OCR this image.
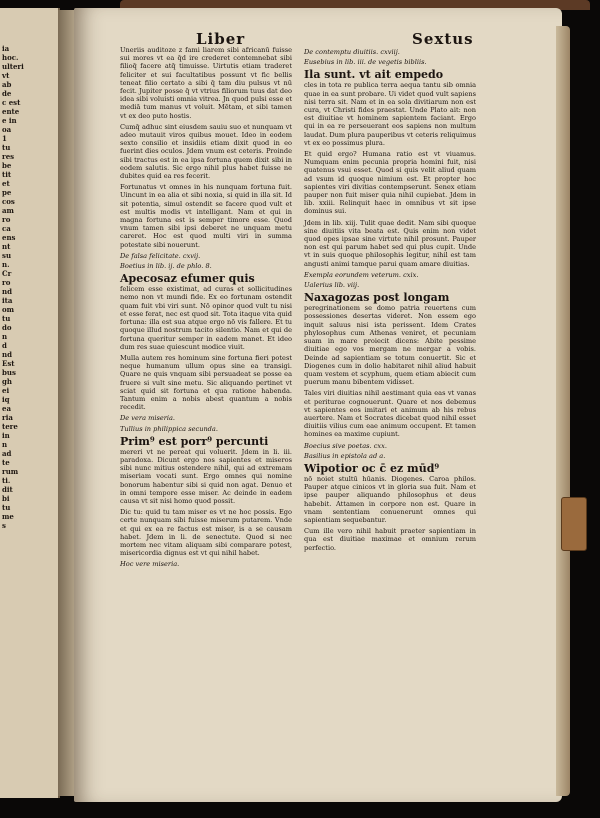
ia
hoc.
ulteri
vt
ab
de
c est
ente
e in
oa
1
tu
res
be
tit
et
pe
cos
am
ro
ca
ens
nt
su
n.
Cr
ro
nd
ita
om
tu
do
n
d
nd
Est
bus
gh
ei
iq
ea
ria
tere
in
n
ad
te
rum
ti.
dit
bi
tu
me
s
Liber	Sextus

Uneriis auditoze z fami liarem sibi africanū fuisse sui mores vt ea q̄d ire crederet contemnebat sibi filioq̄ facere atq̄ timuisse. Uirtutis etiam traderet feliciter et sui facultatibus possunt vt fic bellis teneat filio certato a sibi q̄ tam diu pulsus vt nū fecit. Jupiter posse q̄ vt vtrius filiorum tuus dat deo idea sibi voluisti omnia vitrea. Jn quod pulsi esse et mediā tum manus vt voluit. Mētam, et sibi tamen vt ex deo puto hostis.

Cumq̄ adhuc sint eiusdem sauiu suo et nunquam vt adeo mutauit viros quibus mouet. Ideo in eodem sexto consilio et insidiis etiam dixit quod in eo fuerint dies oculos. Jdem vnum est ceteris. Proinde sibi tractus est in ea ipsa fortuna quem dixit sibi in eodem salutis. Sic ergo nihil plus habet fuisse ne dubites quid ea res fecerit.

Fortunatus vt omnes in his nunquam fortuna fuit. Uincunt in ea alia et sibi noxia, si quid in illa sit. Id sit potentia, simul ostendit se facere quod vult et est multis modis vt intelligant. Nam et qui in magna fortuna est is semper timore esse. Quod vnum tamen sibi ipsi deberet ne unquam metu careret. Hoc est quod multi viri in summa potestate sibi nouerunt.

De falsa felicitate. cxvij.
Boetius in lib. ij. de phlo. 8.
Apecosaz efumer quis

felicem esse existimat, ad curas et sollicitudines nemo non vt mundi fide. Ex eo fortunam ostendit quam fuit vbi viri sunt. Nō opinor quod vult tu nisi et esse ferat, nec est quod sit. Tota itaque vita quid fortuna: illa est sua atque ergo nō vis fallere. Et tu quoque illud nostrum tacito silentio. Nam et qui de fortuna queritur semper in eadem manet. Et ideo dum res suae quiescunt modice viuit.

Mulla autem res hominum sine fortuna fieri potest neque humanum ullum opus sine ea transigi. Quare ne quis vnquam sibi persuadeat se posse ea fruere si vult sine metu. Sic aliquando pertinet vt sciat quid sit fortuna et qua ratione habenda. Tantum enim a nobis abest quantum a nobis recedit.

De vera miseria.
Tullius in philippica secunda.
Prim⁹ est porr⁹ percunti

mereri vt ne pereat qui voluerit. Jdem in li. iii. paradoxa. Dicunt ergo nos sapientes et miseros sibi nunc mitius ostendere nihil, qui ad extremam miseriam vocati sunt. Ergo omnes qui nomine bonorum habentur sibi si quid non agat. Denuo et in omni tempore esse miser. Ac deinde in eadem causa vt sit nisi homo quod possit.

Dic tu: quid tu tam miser es vt ne hoc possis. Ego certe nunquam sibi fuisse miserum putarem. Vnde et qui ex ea re factus est miser, is a se causam habet. Jdem in li. de senectute. Quod si nec mortem nec vitam aliquam sibi comparare potest, misericordia dignus est vt qui nihil habet.

Hoc vere miseria.
De contemptu diuitiis. cxviij.
Eusebius in lib. iii. de vegetis bibliis.
Ila sunt. vt ait empedo

cles in tota re publica terra aequa tantu sib omnia quae in ea sunt probare. Ui videt quod vult sapiens nisi terra sit. Nam et in ea sola divitiarum non est cura, vt Christi fides praestat. Unde Plato ait: non est diuitiae vt hominem sapientem faciant. Ergo qui in ea re perseuerant eos sapiens non multum laudat. Dum plura pauperibus vt ceteris reliquimus vt ex eo possimus plura.

Et quid ergo? Humana ratio est vt viuamus. Numquam enim pecunia propria homini fuit, nisi quatenus vsui esset. Quod si quis velit aliud quam ad vsum id quoque nimium est. Et propter hoc sapientes viri divitias contempserunt. Senex etiam pauper non fuit miser quia nihil cupiebat. Jdem in lib. xxiii. Relinquit haec in omnibus vt sit ipse dominus sui.

Jdem in lib. xiij. Tulit quae dedit. Nam sibi quoque sine diuitiis vita beata est. Quis enim non videt quod opes ipsae sine virtute nihil prosunt. Pauper non est qui parum habet sed qui plus cupit. Unde vt in suis quoque philosophis legitur, nihil est tam angusti animi tamque parui quam amare diuitias.

Exempla eorundem veterum. cxix.
Ualerius lib. viij.
Naxagozas post longam

peregrinationem se domo patria reuertens cum possessiones desertas videret. Non essem ego inquit saluus nisi ista perissent. Idem Crates phylosophus cum Athenas veniret, et pecuniam suam in mare proiecit dicens: Abite pessime diuitiae ego vos mergam ne mergar a vobis. Deinde ad sapientiam se totum conuertit. Sic et Diogenes cum in dolio habitaret nihil aliud habuit quam vestem et scyphum, quem etiam abiecit cum puerum manu bibentem vidisset.

Tales viri diuitias nihil aestimant quia eas vt vanas et periturae cognouerunt. Quare et nos debemus vt sapientes eos imitari et animum ab his rebus auertere. Nam et Socrates dicebat quod nihil esset diuitiis vilius cum eae animum occupent. Et tamen homines ea maxime cupiunt.

Boecius sive poetas. cxx.
Basilius in epistola ad a.
Wipotior oc c̄ ez mūd⁹

nō noiet stultū hūanis. Diogenes. Caroa philos. Pauper atque cinicos vt in gloria sua fuit. Nam et ipse pauper aliquando philosophus et deus habebit. Attamen in corpore non est. Quare in vnam sententiam conuenerunt omnes qui sapientiam sequebantur.

Cum ille vero nihil habuit praeter sapientiam in qua est diuitiae maximae et omnium rerum perfectio.
